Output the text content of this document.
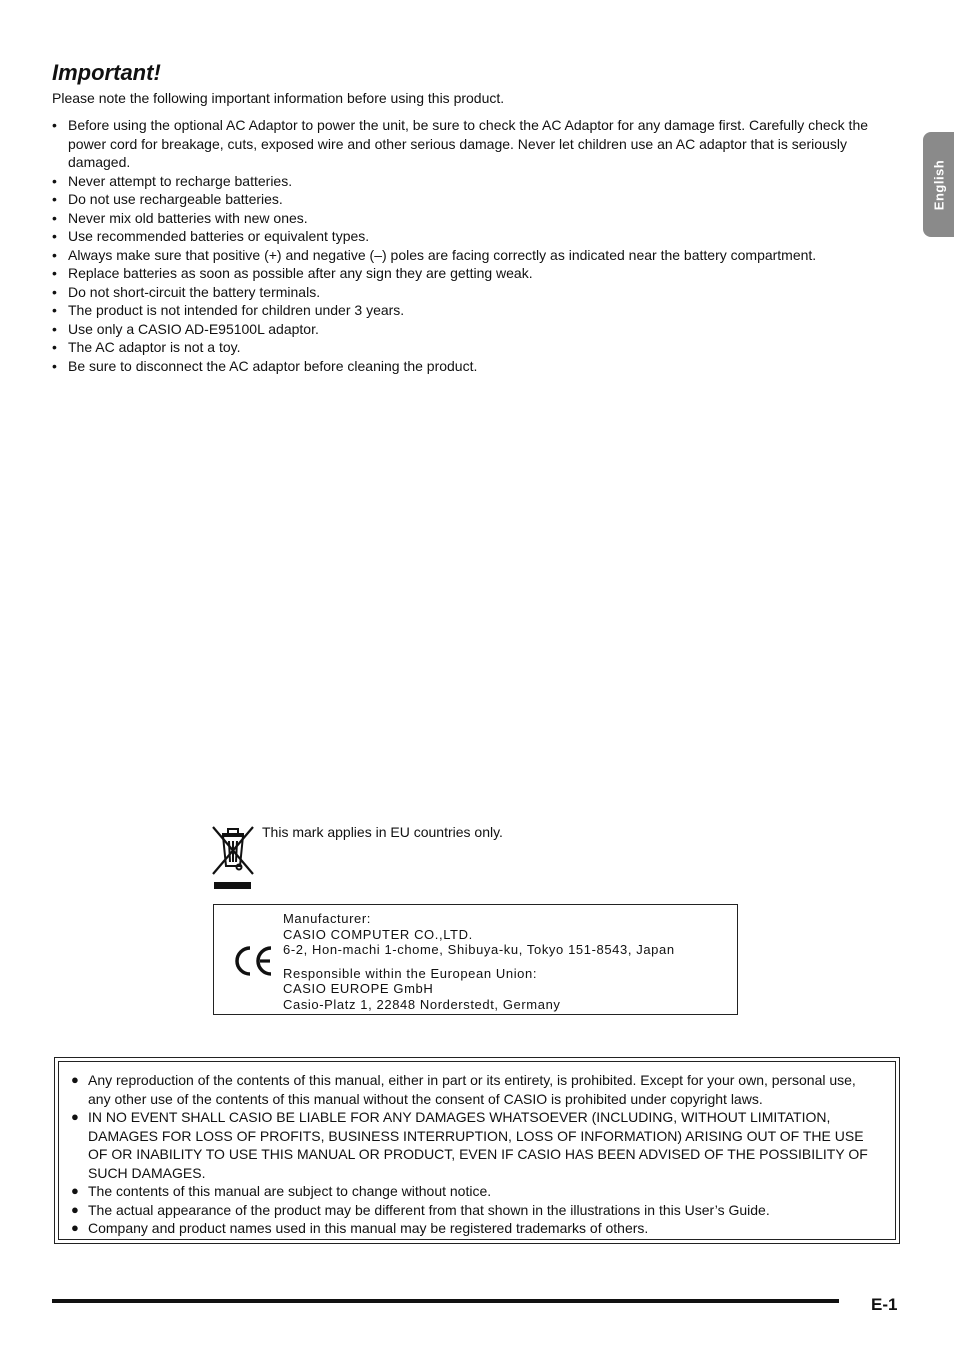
Important!

Please note the following important information before using this product.

• Before using the optional AC Adaptor to power the unit, be sure to check the AC Adaptor for any damage first. Carefully check the power cord for breakage, cuts, exposed wire and other serious damage. Never let children use an AC adaptor that is seriously damaged.
• Never attempt to recharge batteries.
• Do not use rechargeable batteries.
• Never mix old batteries with new ones.
• Use recommended batteries or equivalent types.
• Always make sure that positive (+) and negative (–) poles are facing correctly as indicated near the battery compartment.
• Replace batteries as soon as possible after any sign they are getting weak.
• Do not short-circuit the battery terminals.
• The product is not intended for children under 3 years.
• Use only a CASIO AD-E95100L adaptor.
• The AC adaptor is not a toy.
• Be sure to disconnect the AC adaptor before cleaning the product.
English

This mark applies in EU countries only.

Manufacturer:

CASIO COMPUTER CO.,LTD.

6-2, Hon-machi 1-chome, Shibuya-ku, Tokyo 151-8543, Japan

Responsible within the European Union:

CASIO EUROPE GmbH

Casio-Platz 1, 22848 Norderstedt, Germany

● Any reproduction of the contents of this manual, either in part or its entirety, is prohibited. Except for your own, personal use, any other use of the contents of this manual without the consent of CASIO is prohibited under copyright laws.
● IN NO EVENT SHALL CASIO BE LIABLE FOR ANY DAMAGES WHATSOEVER (INCLUDING, WITHOUT LIMITATION, DAMAGES FOR LOSS OF PROFITS, BUSINESS INTERRUPTION, LOSS OF INFORMATION) ARISING OUT OF THE USE OF OR INABILITY TO USE THIS MANUAL OR PRODUCT, EVEN IF CASIO HAS BEEN ADVISED OF THE POSSIBILITY OF SUCH DAMAGES.
● The contents of this manual are subject to change without notice.
● The actual appearance of the product may be different from that shown in the illustrations in this User’s Guide.
● Company and product names used in this manual may be registered trademarks of others.

E-1
